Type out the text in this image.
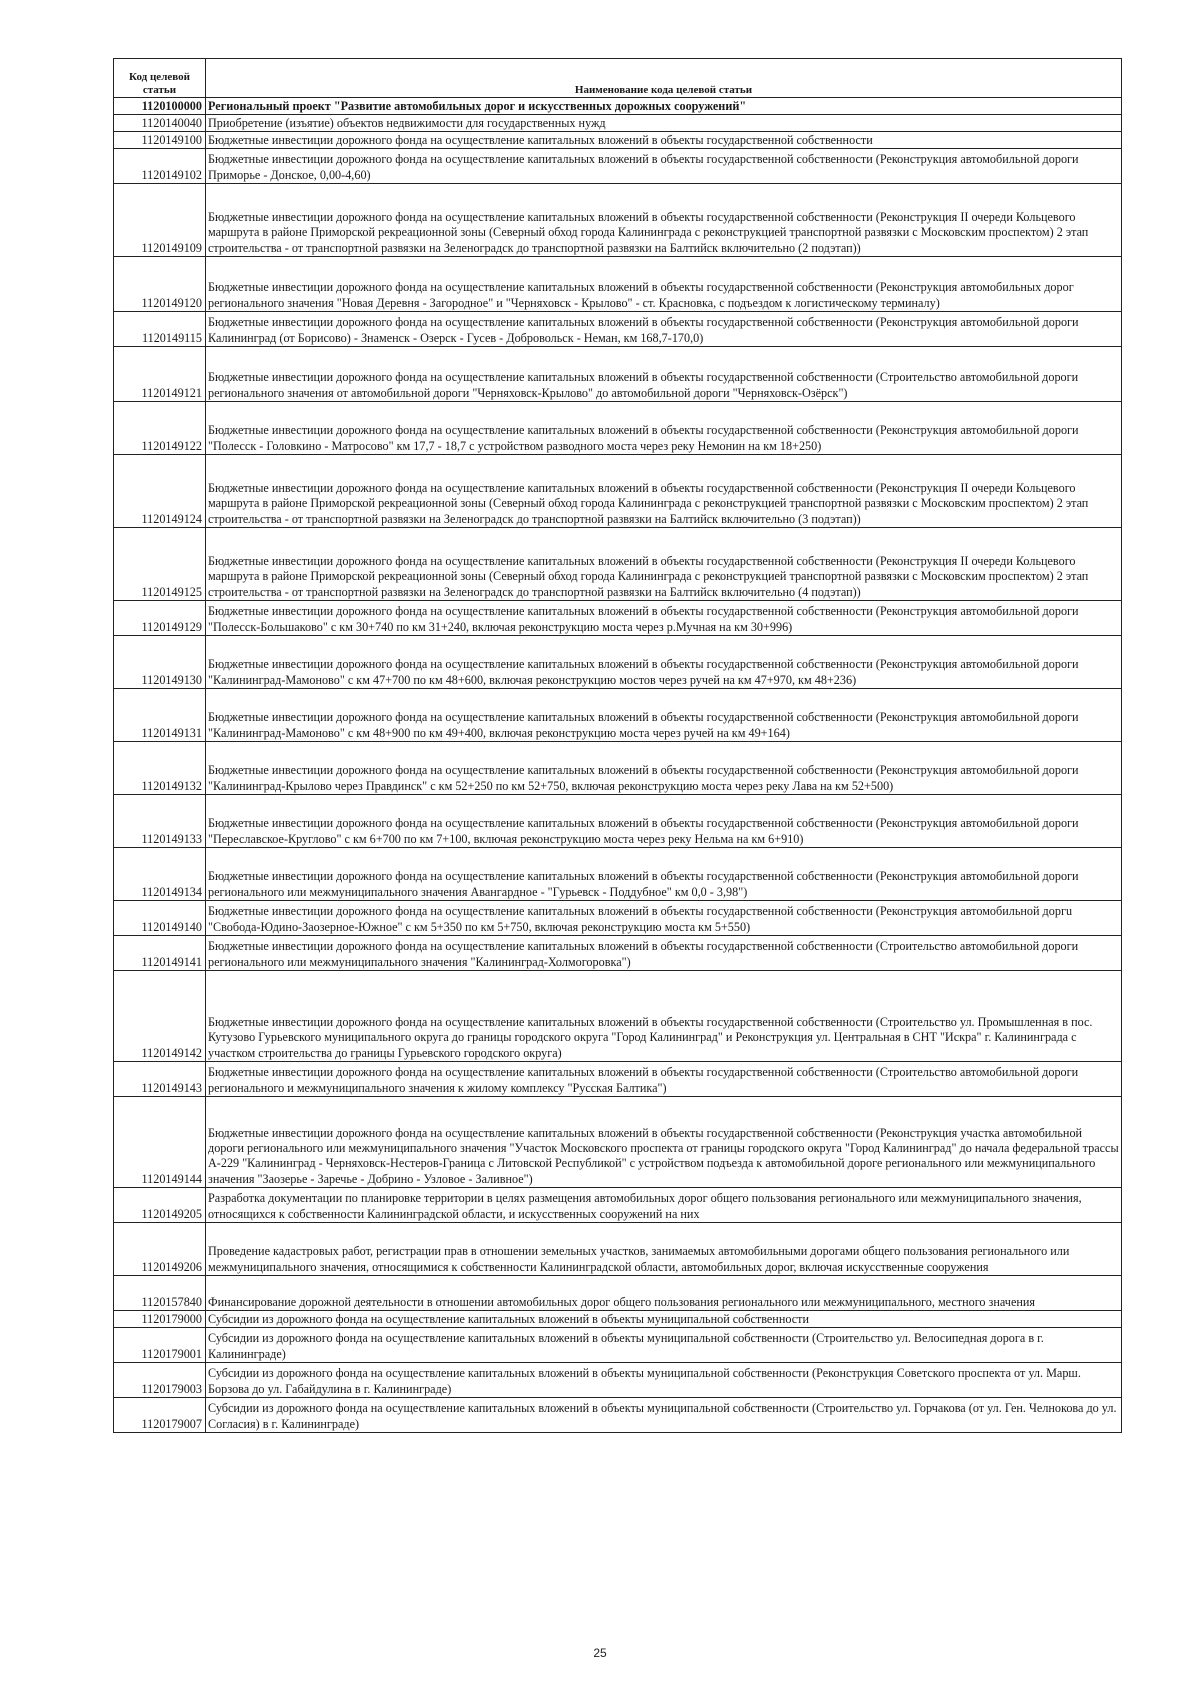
Код целевой статьи	Наименование кода целевой статьи
1120100000	Региональный проект "Развитие автомобильных дорог и искусственных дорожных сооружений"
1120140040	Приобретение (изъятие) объектов недвижимости для государственных нужд
1120149100	Бюджетные инвестиции дорожного фонда на осуществление капитальных вложений в объекты государственной собственности
1120149102	Бюджетные инвестиции дорожного фонда на осуществление капитальных вложений в объекты государственной собственности (Реконструкция автомобильной дороги Приморье - Донское, 0,00-4,60)
1120149109	Бюджетные инвестиции дорожного фонда на осуществление капитальных вложений в объекты государственной собственности (Реконструкция II очереди Кольцевого маршрута в районе Приморской рекреационной зоны (Северный обход города Калининграда с реконструкцией транспортной развязки с Московским проспектом) 2 этап строительства - от транспортной развязки на Зеленоградск до транспортной развязки на Балтийск включительно (2 подэтап))
1120149120	Бюджетные инвестиции дорожного фонда на осуществление капитальных вложений в объекты государственной собственности (Реконструкция автомобильных дорог регионального значения "Новая Деревня - Загородное" и "Черняховск - Крылово" - ст. Красновка, с подъездом к логистическому терминалу)
1120149115	Бюджетные инвестиции дорожного фонда на осуществление капитальных вложений в объекты государственной собственности (Реконструкция автомобильной дороги Калининград (от Борисово) - Знаменск - Озерск - Гусев - Добровольск - Неман, км 168,7-170,0)
1120149121	Бюджетные инвестиции дорожного фонда на осуществление капитальных вложений в объекты государственной собственности (Строительство автомобильной дороги регионального значения от автомобильной дороги "Черняховск-Крылово" до автомобильной дороги "Черняховск-Озёрск")
1120149122	Бюджетные инвестиции дорожного фонда на осуществление капитальных вложений в объекты государственной собственности (Реконструкция автомобильной дороги "Полесск - Головкино - Матросово" км 17,7 - 18,7 с устройством разводного моста через реку Немонин на км 18+250)
1120149124	Бюджетные инвестиции дорожного фонда на осуществление капитальных вложений в объекты государственной собственности (Реконструкция II очереди Кольцевого маршрута в районе Приморской рекреационной зоны (Северный обход города Калининграда с реконструкцией транспортной развязки с Московским проспектом) 2 этап строительства - от транспортной развязки на Зеленоградск до транспортной развязки на Балтийск включительно (3 подэтап))
1120149125	Бюджетные инвестиции дорожного фонда на осуществление капитальных вложений в объекты государственной собственности (Реконструкция II очереди Кольцевого маршрута в районе Приморской рекреационной зоны (Северный обход города Калининграда с реконструкцией транспортной развязки с Московским проспектом) 2 этап строительства - от транспортной развязки на Зеленоградск до транспортной развязки на Балтийск включительно (4 подэтап))
1120149129	Бюджетные инвестиции дорожного фонда на осуществление капитальных вложений в объекты государственной собственности (Реконструкция автомобильной дороги "Полесск-Большаково" с км 30+740 по км 31+240, включая реконструкцию моста через р.Мучная на км 30+996)
1120149130	Бюджетные инвестиции дорожного фонда на осуществление капитальных вложений в объекты государственной собственности (Реконструкция автомобильной дороги "Калининград-Мамоново" с км 47+700 по км 48+600, включая реконструкцию мостов через ручей на км 47+970, км 48+236)
1120149131	Бюджетные инвестиции дорожного фонда на осуществление капитальных вложений в объекты государственной собственности (Реконструкция автомобильной дороги "Калининград-Мамоново" с км 48+900 по км 49+400, включая реконструкцию моста через ручей на км 49+164)
1120149132	Бюджетные инвестиции дорожного фонда на осуществление капитальных вложений в объекты государственной собственности (Реконструкция автомобильной дороги "Калининград-Крылово через Правдинск" с км 52+250 по км 52+750, включая реконструкцию моста через реку Лава на км 52+500)
1120149133	Бюджетные инвестиции дорожного фонда на осуществление капитальных вложений в объекты государственной собственности (Реконструкция автомобильной дороги "Переславское-Круглово" с км 6+700 по км 7+100, включая реконструкцию моста через реку Нельма на км 6+910)
1120149134	Бюджетные инвестиции дорожного фонда на осуществление капитальных вложений в объекты государственной собственности (Реконструкция автомобильной дороги регионального или межмуниципального значения Авангардное - "Гурьевск - Поддубное" км 0,0 - 3,98")
1120149140	Бюджетные инвестиции дорожного фонда на осуществление капитальных вложений в объекты государственной собственности (Реконструкция автомобильной доргu "Свобода-Юдино-Заозерное-Южное" с км 5+350 по км 5+750, включая реконструкцию моста км 5+550)
1120149141	Бюджетные инвестиции дорожного фонда на осуществление капитальных вложений в объекты государственной собственности (Строительство автомобильной дороги регионального или межмуниципального значения "Калининград-Холмогоровка")
1120149142	Бюджетные инвестиции дорожного фонда на осуществление капитальных вложений в объекты государственной собственности (Строительство ул. Промышленная в пос. Кутузово Гурьевского муниципального округа до границы городского округа "Город Калининград" и Реконструкция ул. Центральная в СНТ "Искра" г. Калининграда с участком строительства до границы Гурьевского городского округа)
1120149143	Бюджетные инвестиции дорожного фонда на осуществление капитальных вложений в объекты государственной собственности (Строительство автомобильной дороги регионального и межмуниципального значения к жилому комплексу "Русская Балтика")
1120149144	Бюджетные инвестиции дорожного фонда на осуществление капитальных вложений в объекты государственной собственности (Реконструкция участка автомобильной дороги регионального или межмуниципального значения "Участок Московского проспекта от границы городского округа "Город Калининград" до начала федеральной трассы А-229 "Калининград - Черняховск-Нестеров-Граница с Литовской Республикой" с устройством подъезда к автомобильной дороге регионального или межмуниципального значения "Заозерье - Заречье - Добрино - Узловое - Заливное")
1120149205	Разработка документации по планировке территории в целях размещения автомобильных дорог общего пользования регионального или межмуниципального значения, относящихся к собственности Калининградской области, и искусственных сооружений на них
1120149206	Проведение кадастровых работ, регистрации прав в отношении земельных участков, занимаемых автомобильными дорогами общего пользования регионального или межмуниципального значения, относящимися к собственности Калининградской области, автомобильных дорог, включая искусственные сооружения
1120157840	Финансирование дорожной деятельности в отношении автомобильных дорог общего пользования регионального или межмуниципального, местного значения
1120179000	Субсидии из дорожного фонда на осуществление капитальных вложений в объекты муниципальной собственности
1120179001	Субсидии из дорожного фонда на осуществление капитальных вложений в объекты муниципальной собственности (Строительство ул. Велосипедная дорога в г. Калининграде)
1120179003	Субсидии из дорожного фонда на осуществление капитальных вложений в объекты муниципальной собственности (Реконструкция Советского проспекта от ул. Марш. Борзова до ул. Габайдулина в г. Калининграде)
1120179007	Субсидии из дорожного фонда на осуществление капитальных вложений в объекты муниципальной собственности (Строительство ул. Горчакова (от ул. Ген. Челнокова до ул. Согласия) в г. Калининграде)
25
